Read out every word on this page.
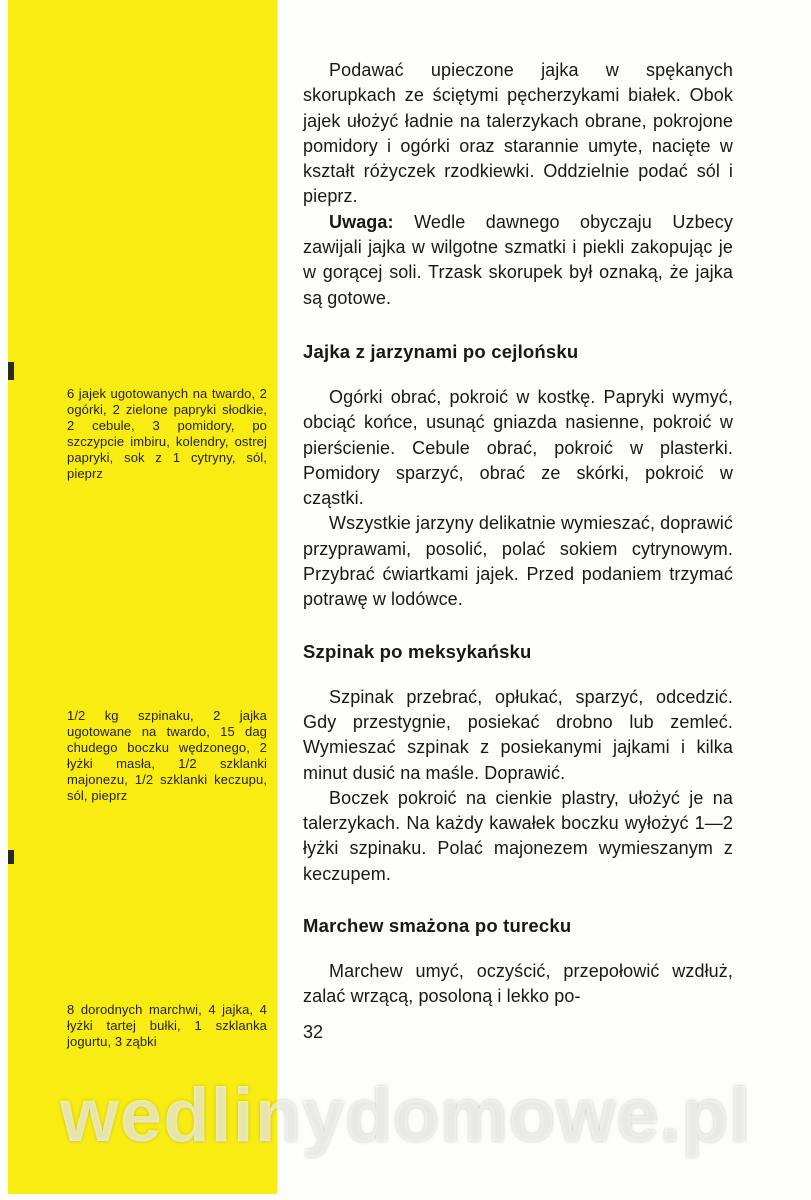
6 jajek ugotowanych na twardo, 2 ogórki, 2 zielone papryki słodkie, 2 cebule, 3 pomidory, po szczypcie imbiru, kolendry, ostrej papryki, sok z 1 cytryny, sól, pieprz
1/2 kg szpinaku, 2 jajka ugotowane na twardo, 15 dag chudego boczku wędzonego, 2 łyżki masła, 1/2 szklanki majonezu, 1/2 szklanki keczupu, sól, pieprz
8 dorodnych marchwi, 4 jajka, 4 łyżki tartej bułki, 1 szklanka jogurtu, 3 ząbki

Podawać upieczone jajka w spękanych skorupkach ze ściętymi pęcherzykami białek. Obok jajek ułożyć ładnie na talerzykach obrane, pokrojone pomidory i ogórki oraz starannie umyte, nacięte w kształt różyczek rzodkiewki. Oddzielnie podać sól i pieprz.

Uwaga: Wedle dawnego obyczaju Uzbecy zawijali jajka w wilgotne szmatki i piekli zakopując je w gorącej soli. Trzask skorupek był oznaką, że jajka są gotowe.

Jajka z jarzynami po cejlońsku

Ogórki obrać, pokroić w kostkę. Papryki wymyć, obciąć końce, usunąć gniazda nasienne, pokroić w pierścienie. Cebule obrać, pokroić w plasterki. Pomidory sparzyć, obrać ze skórki, pokroić w cząstki.

Wszystkie jarzyny delikatnie wymieszać, doprawić przyprawami, posolić, polać sokiem cytrynowym. Przybrać ćwiartkami jajek. Przed podaniem trzymać potrawę w lodówce.

Szpinak po meksykańsku

Szpinak przebrać, opłukać, sparzyć, odcedzić. Gdy przestygnie, posiekać drobno lub zemleć. Wymieszać szpinak z posiekanymi jajkami i kilka minut dusić na maśle. Doprawić.

Boczek pokroić na cienkie plastry, ułożyć je na talerzykach. Na każdy kawałek boczku wyłożyć 1—2 łyżki szpinaku. Polać majonezem wymieszanym z keczupem.

Marchew smażona po turecku

Marchew umyć, oczyścić, przepołowić wzdłuż, zalać wrzącą, posoloną i lekko po-

32

wedlinydomowe.pl
